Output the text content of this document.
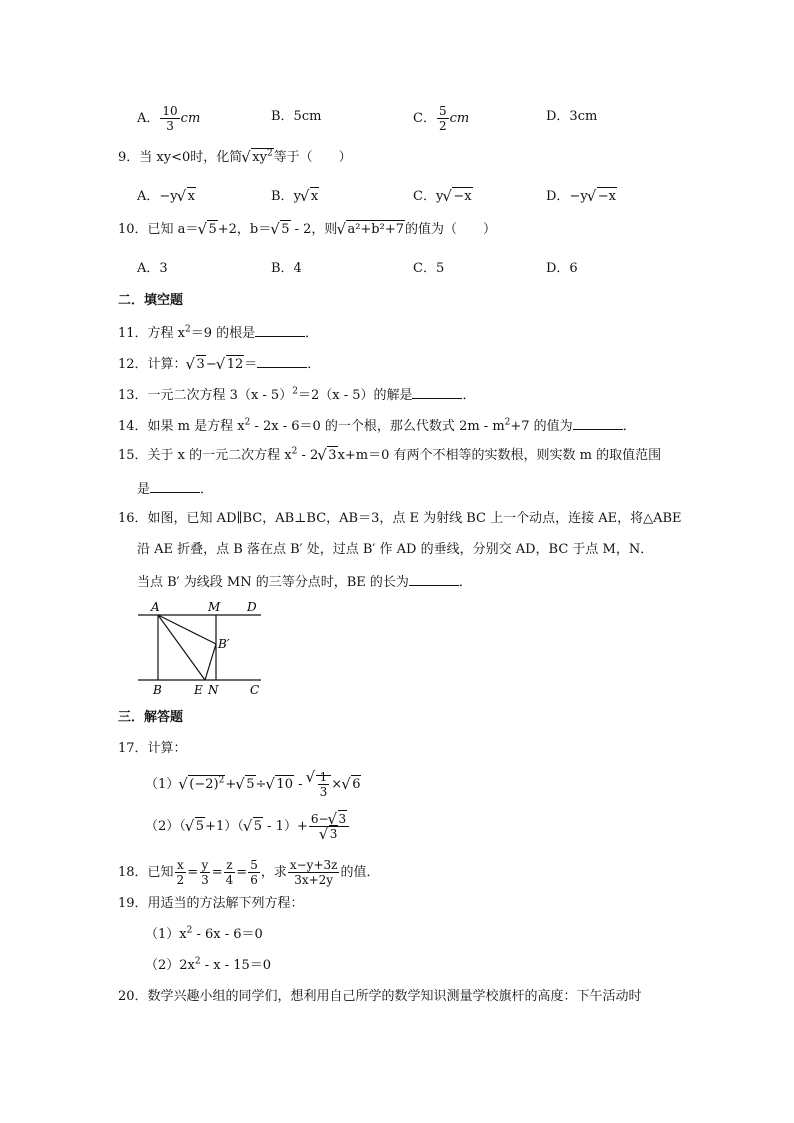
A． $\frac{10}{3}$ cm	B．5cm	C． $\frac{5}{2}$ cm	D．3cm
9．当 xy<0时，化简√ $xy^2$等于（　　）
A．−y√ x	B．y√ x	C．y√ −x	D．−y√ −x
10．已知 a＝√ 5+2，b＝√ 5 - 2，则√ a²+b²+7的值为（　　）
A．3	B．4	C．5	D．6
二．填空题
11．方程 $x^2=9$ 的根是	．
12．计算：√ 3−√ 12＝	．
13．一元二次方程 3（x - 5）$^2$＝2（x - 5）的解是	．
14．如果 m 是方程 $x^2 - 2x - 6=0$ 的一个根，那么代数式 $2m - m^2+7$ 的值为	．
15．关于 x 的一元二次方程 $x^2 - 2√$ 3x+m＝0 有两个不相等的实数根，则实数 m 的取值范围
是	．
16．如图，已知 AD∥BC，AB⊥BC，AB＝3，点 E 为射线 BC 上一个动点，连接 AE，将△ABE
沿 AE 折叠，点 B 落在点 B′ 处，过点 B′ 作 AD 的垂线，分别交 AD，BC 于点 M，N．
当点 B′ 为线段 MN 的三等分点时，BE 的长为	．
A	M D
B′
B	E N	C
三．解答题
17．计算：
（1）√ $(-2)^2+√$ 5÷√ 10 -
√ $\frac{1}{3}$ ×√ 6
（2）（√ 5+1）（√ 5 - 1）+ 6−√ 3
√ 3
18．已知 $\frac{x}{2} = \frac{y}{3} = \frac{z}{4} = \frac{5}{6}$ ，求 $\frac{x-y+3z}{3x+2y}$ 的值．
19．用适当的方法解下列方程：
$(1)x^2 - 6x - 6=0$
$(2)2x^2 - x - 15=0$
20．数学兴趣小组的同学们，想利用自己所学的数学知识测量学校旗杆的高度：下午活动时
